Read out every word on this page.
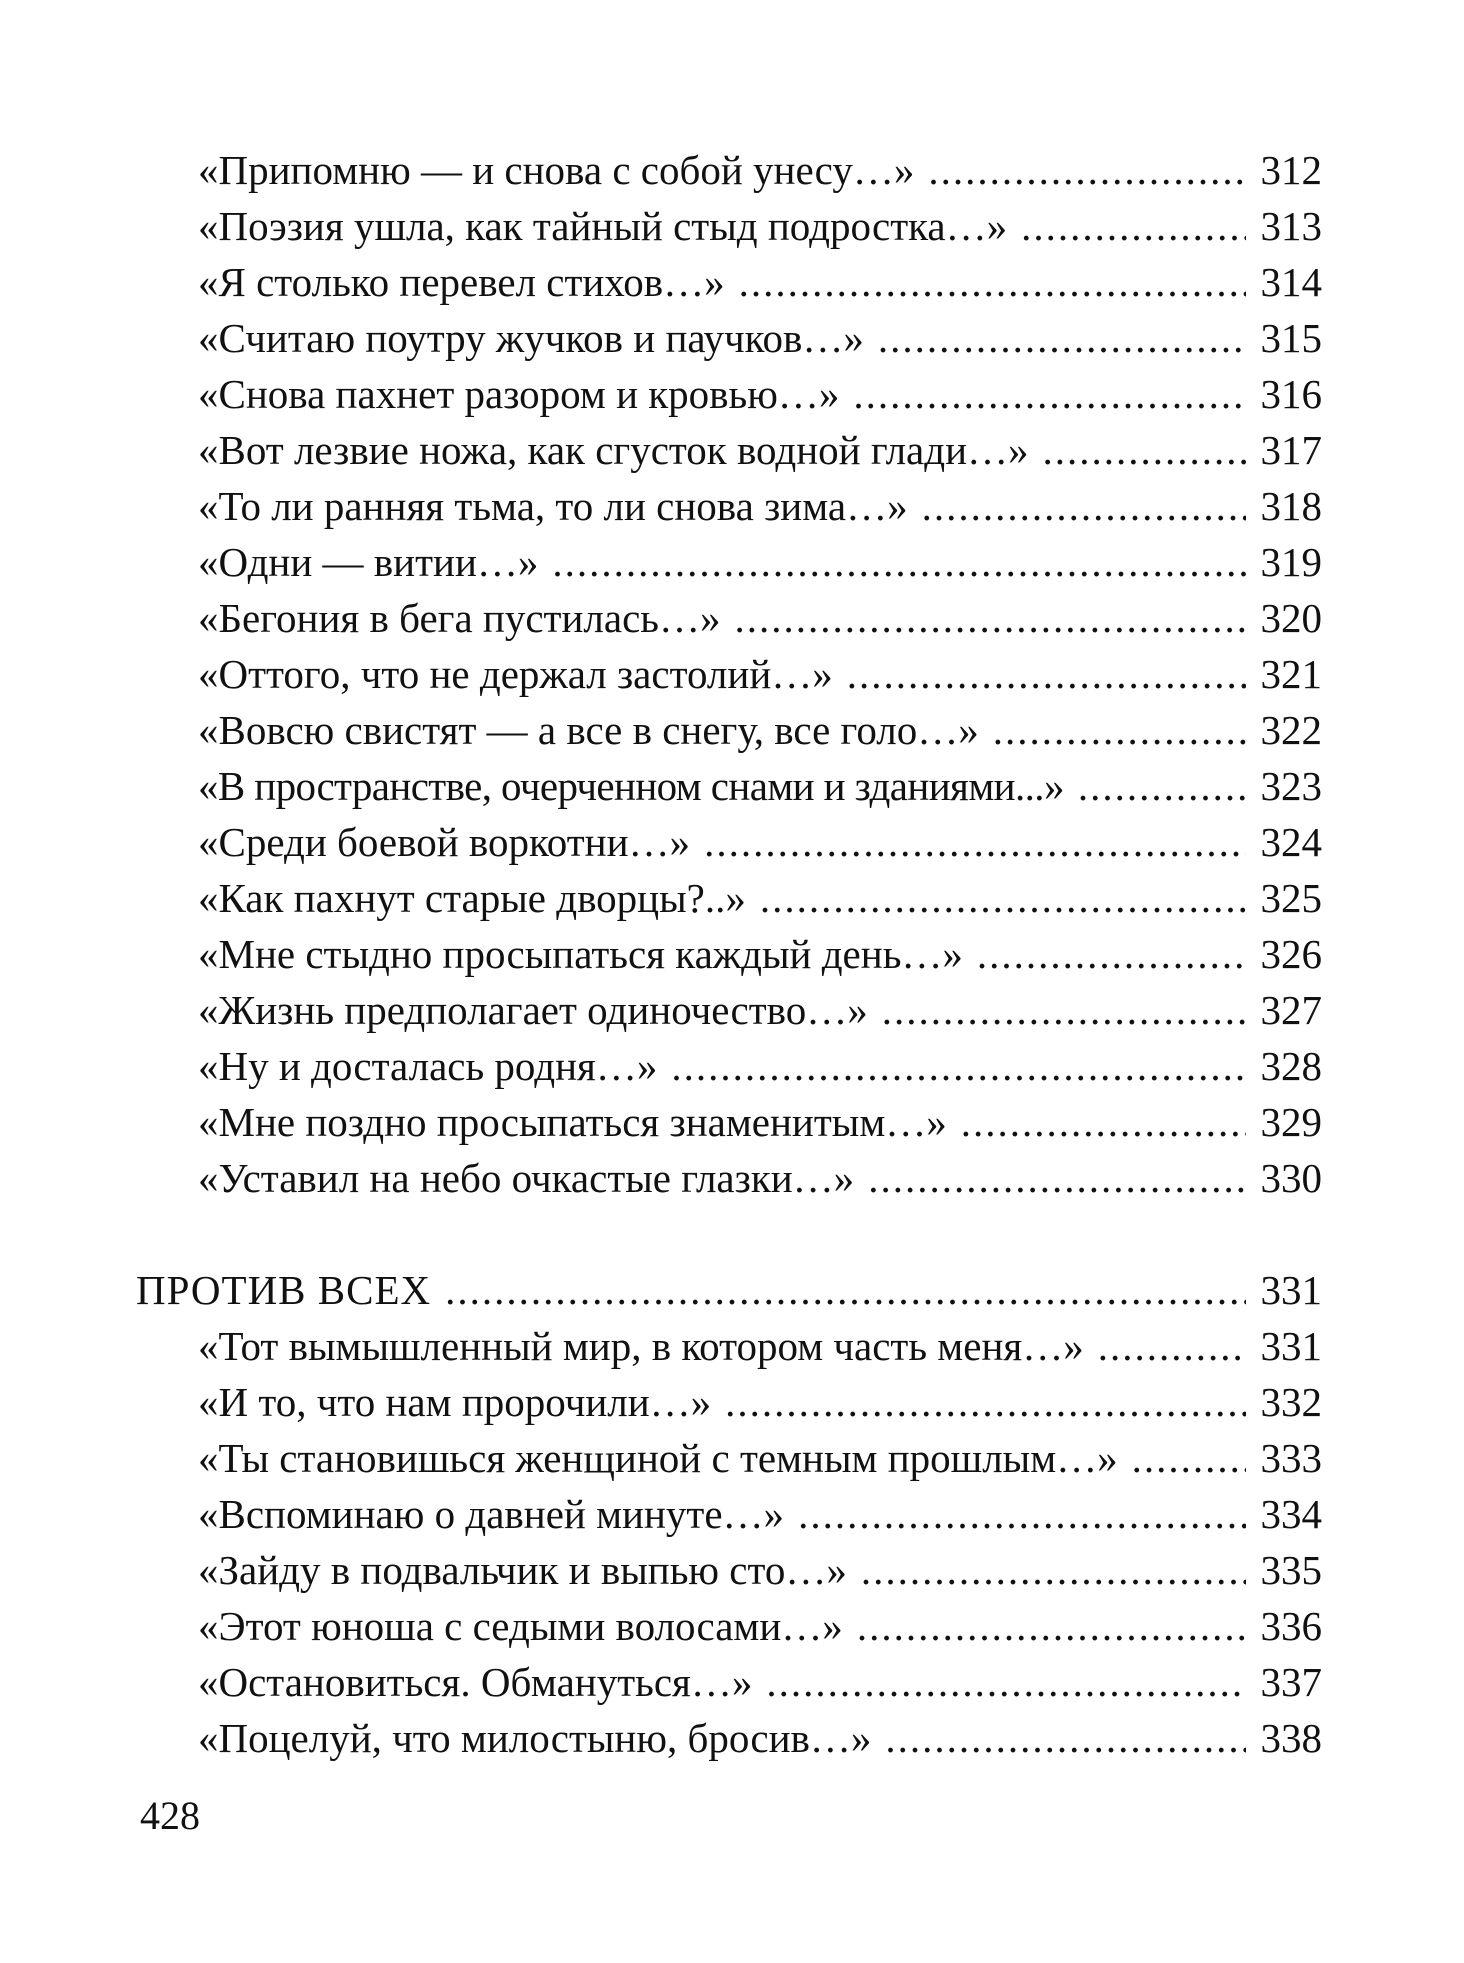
«Припомню — и снова с собой унесу…» .....	312
«Поэзия ушла, как тайный стыд подростка…» .....	313
«Я столько перевел стихов…» .....	314
«Считаю поутру жучков и паучков…» .....	315
«Снова пахнет разором и кровью…» .....	316
«Вот лезвие ножа, как сгусток водной глади…» .....	317
«То ли ранняя тьма, то ли снова зима…» .....	318
«Одни — витии…» .....	319
«Бегония в бега пустилась…» .....	320
«Оттого, что не держал застолий…» .....	321
«Вовсю свистят — а все в снегу, все голо…» .....	322
«В пространстве, очерченном снами и зданиями...» .....	323
«Среди боевой воркотни…» .....	324
«Как пахнут старые дворцы?..» .....	325
«Мне стыдно просыпаться каждый день…» .....	326
«Жизнь предполагает одиночество…» .....	327
«Ну и досталась родня…» .....	328
«Мне поздно просыпаться знаменитым…» .....	329
«Уставил на небо очкастые глазки…» .....	330
ПРОТИВ ВСЕХ .....	331
«Тот вымышленный мир, в котором часть меня…» .....	331
«И то, что нам пророчили…» .....	332
«Ты становишься женщиной с темным прошлым…» .....	333
«Вспоминаю о давней минуте…» .....	334
«Зайду в подвальчик и выпью сто…» .....	335
«Этот юноша с седыми волосами…» .....	336
«Остановиться. Обмануться…» .....	337
«Поцелуй, что милостыню, бросив…» .....	338
428
